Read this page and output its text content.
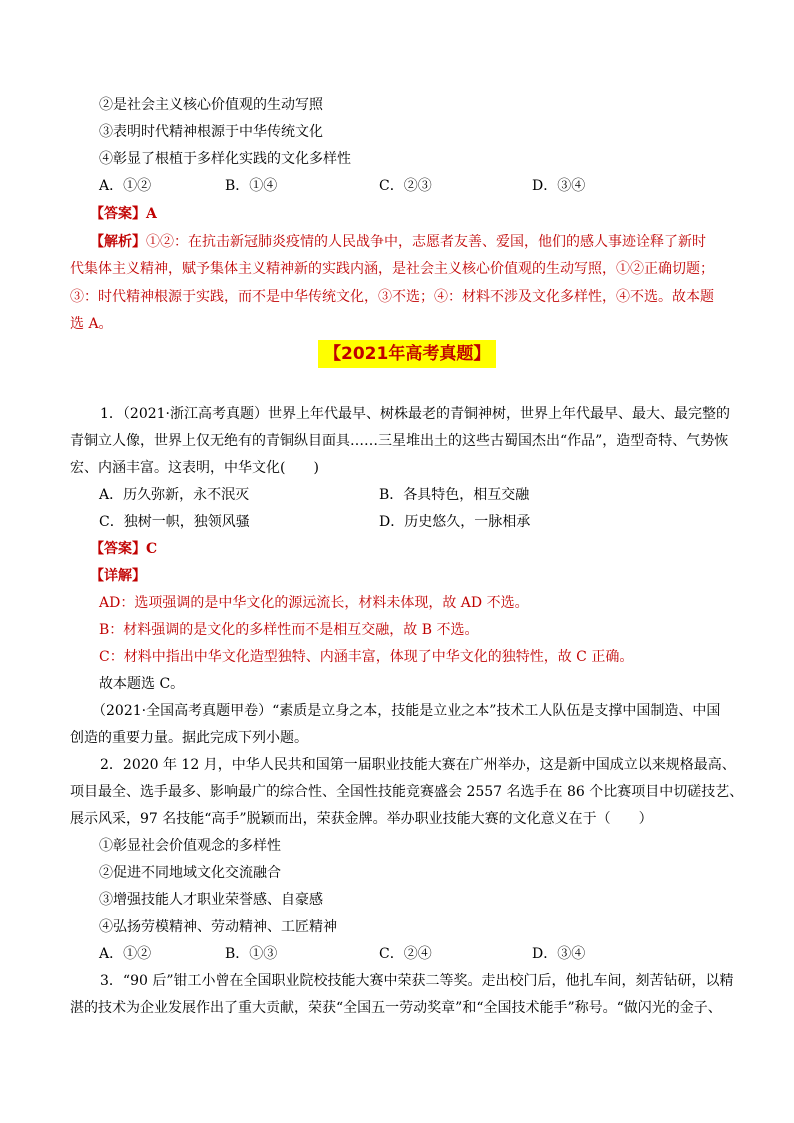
②是社会主义核心价值观的生动写照
③表明时代精神根源于中华传统文化
④彰显了根植于多样化实践的文化多样性
A．①②	B．①④	C．②③	D．③④
【答案】A
【解析】①②：在抗击新冠肺炎疫情的人民战争中，志愿者友善、爱国，他们的感人事迹诠释了新时
代集体主义精神，赋予集体主义精神新的实践内涵，是社会主义核心价值观的生动写照，①②正确切题；
③：时代精神根源于实践，而不是中华传统文化，③不选；④：材料不涉及文化多样性，④不选。故本题
选 A。
【2021年高考真题】
1．（2021·浙江高考真题）世界上年代最早、树株最老的青铜神树，世界上年代最早、最大、最完整的
青铜立人像，世界上仅无绝有的青铜纵目面具……三星堆出土的这些古蜀国杰出“作品”，造型奇特、气势恢
宏、内涵丰富。这表明，中华文化(　　)
A．历久弥新，永不泯灭	B．各具特色，相互交融
C．独树一帜，独领风骚	D．历史悠久，一脉相承
【答案】C
【详解】
AD：选项强调的是中华文化的源远流长，材料未体现，故 AD 不选。
B：材料强调的是文化的多样性而不是相互交融，故 B 不选。
C：材料中指出中华文化造型独特、内涵丰富，体现了中华文化的独特性，故 C 正确。
故本题选 C。
（2021·全国高考真题甲卷）“素质是立身之本，技能是立业之本”技术工人队伍是支撑中国制造、中国
创造的重要力量。据此完成下列小题。
2．2020 年 12 月，中华人民共和国第一届职业技能大赛在广州举办，这是新中国成立以来规格最高、
项目最全、选手最多、影响最广的综合性、全国性技能竞赛盛会 2557 名选手在 86 个比赛项目中切磋技艺、
展示风采，97 名技能“高手”脱颖而出，荣获金牌。举办职业技能大赛的文化意义在于（　　）
①彰显社会价值观念的多样性
②促进不同地域文化交流融合
③增强技能人才职业荣誉感、自豪感
④弘扬劳模精神、劳动精神、工匠精神
A．①②	B．①③	C．②④	D．③④
3．“90 后”钳工小曾在全国职业院校技能大赛中荣获二等奖。走出校门后，他扎车间，刻苦钻研，以精
湛的技术为企业发展作出了重大贡献，荣获“全国五一劳动奖章”和“全国技术能手”称号。“做闪光的金子、
